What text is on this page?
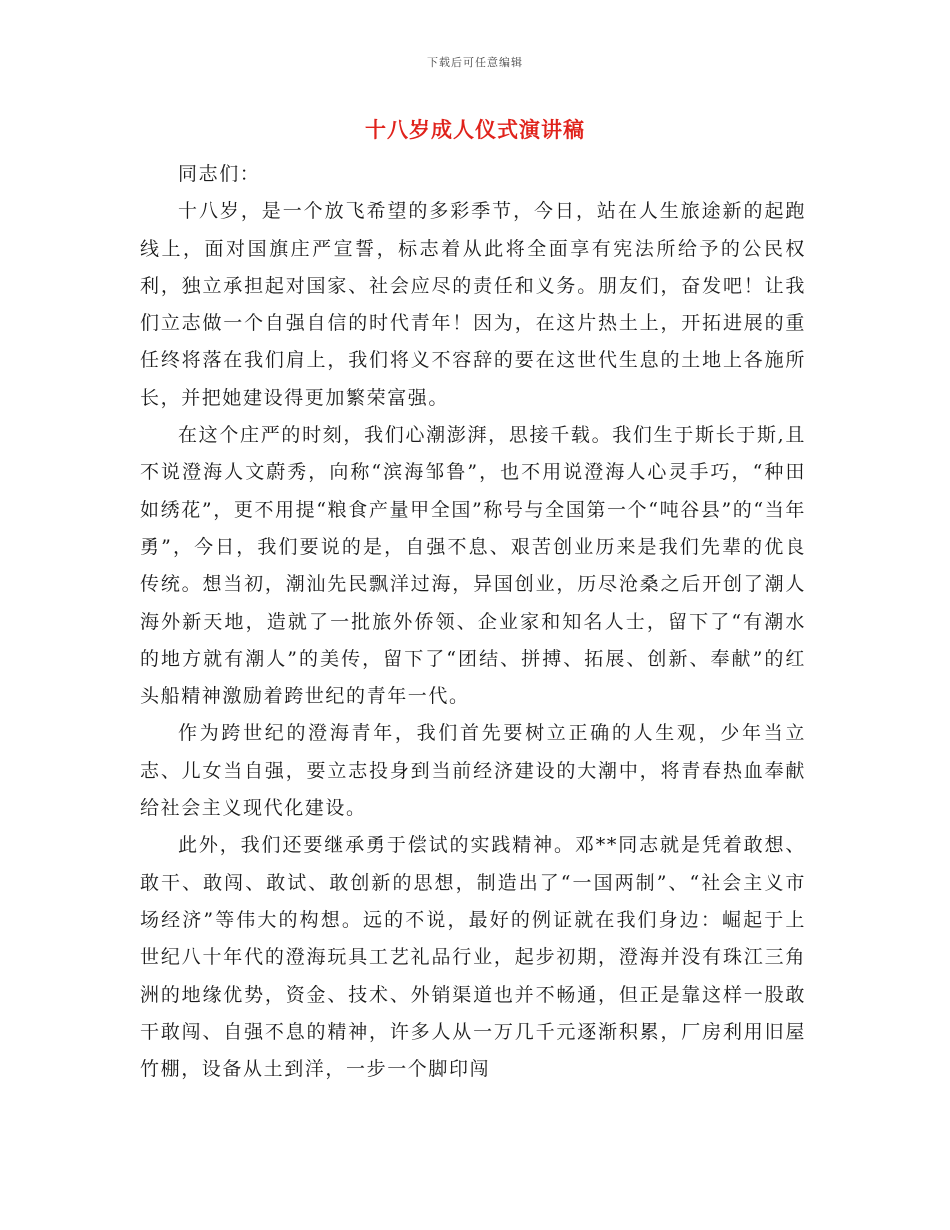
下载后可任意编辑
十八岁成人仪式演讲稿

同志们：

十八岁，是一个放飞希望的多彩季节，今日，站在人生旅途新的起跑线上，面对国旗庄严宣誓，标志着从此将全面享有宪法所给予的公民权利，独立承担起对国家、社会应尽的责任和义务。朋友们，奋发吧！让我们立志做一个自强自信的时代青年！因为，在这片热土上，开拓进展的重任终将落在我们肩上，我们将义不容辞的要在这世代生息的土地上各施所长，并把她建设得更加繁荣富强。

在这个庄严的时刻，我们心潮澎湃，思接千载。我们生于斯长于斯,且不说澄海人文蔚秀，向称“滨海邹鲁”，也不用说澄海人心灵手巧，“种田如绣花”，更不用提“粮食产量甲全国”称号与全国第一个“吨谷县”的“当年勇”，今日，我们要说的是，自强不息、艰苦创业历来是我们先辈的优良传统。想当初，潮汕先民飘洋过海，异国创业，历尽沧桑之后开创了潮人海外新天地，造就了一批旅外侨领、企业家和知名人士，留下了“有潮水的地方就有潮人”的美传，留下了“团结、拼搏、拓展、创新、奉献”的红头船精神激励着跨世纪的青年一代。

作为跨世纪的澄海青年，我们首先要树立正确的人生观，少年当立志、儿女当自强，要立志投身到当前经济建设的大潮中，将青春热血奉献给社会主义现代化建设。

此外，我们还要继承勇于偿试的实践精神。邓**同志就是凭着敢想、敢干、敢闯、敢试、敢创新的思想，制造出了“一国两制”、“社会主义市场经济”等伟大的构想。远的不说，最好的例证就在我们身边：崛起于上世纪八十年代的澄海玩具工艺礼品行业，起步初期，澄海并没有珠江三角洲的地缘优势，资金、技术、外销渠道也并不畅通，但正是靠这样一股敢干敢闯、自强不息的精神，许多人从一万几千元逐渐积累，厂房利用旧屋竹棚，设备从土到洋，一步一个脚印闯
